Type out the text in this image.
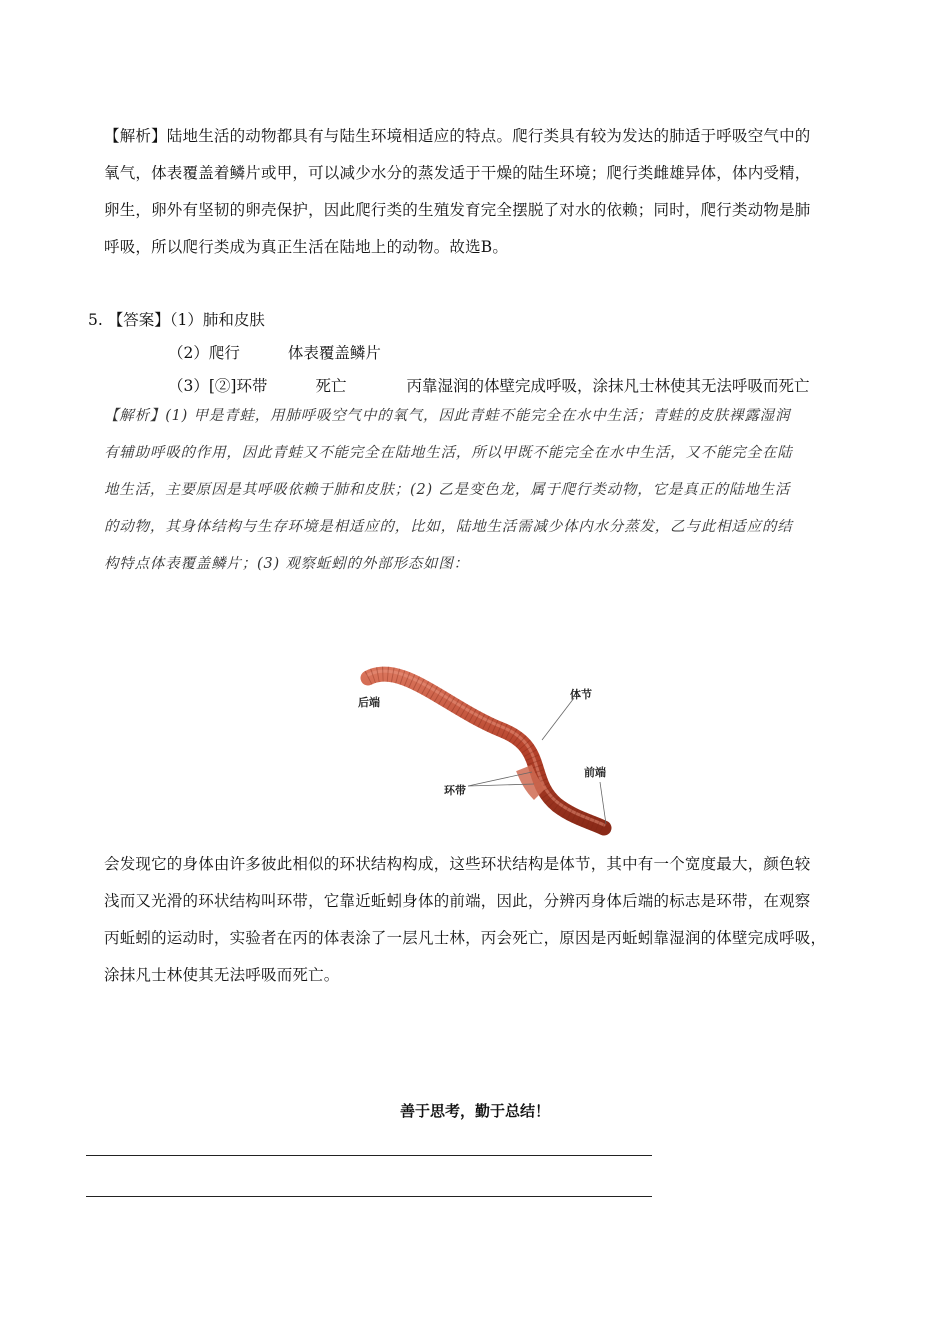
【解析】陆地生活的动物都具有与陆生环境相适应的特点。爬行类具有较为发达的肺适于呼吸空气中的
氧气，体表覆盖着鳞片或甲，可以减少水分的蒸发适于干燥的陆生环境；爬行类雌雄异体，体内受精，
卵生，卵外有坚韧的卵壳保护，因此爬行类的生殖发育完全摆脱了对水的依赖；同时，爬行类动物是肺
呼吸，所以爬行类成为真正生活在陆地上的动物。故选B。
5. 【答案】（1）肺和皮肤
（2）爬行	体表覆盖鳞片
（3）[②]环带	死亡	丙靠湿润的体壁完成呼吸，涂抹凡士林使其无法呼吸而死亡
【解析】(1) 甲是青蛙，用肺呼吸空气中的氧气，因此青蛙不能完全在水中生活；青蛙的皮肤裸露湿润
有辅助呼吸的作用，因此青蛙又不能完全在陆地生活，所以甲既不能完全在水中生活，又不能完全在陆
地生活，主要原因是其呼吸依赖于肺和皮肤；(2) 乙是变色龙，属于爬行类动物，它是真正的陆地生活
的动物，其身体结构与生存环境是相适应的，比如，陆地生活需减少体内水分蒸发，乙与此相适应的结
构特点体表覆盖鳞片；(3) 观察蚯蚓的外部形态如图：
后端
体节
前端
环带
会发现它的身体由许多彼此相似的环状结构构成，这些环状结构是体节，其中有一个宽度最大，颜色较
浅而又光滑的环状结构叫环带，它靠近蚯蚓身体的前端，因此，分辨丙身体后端的标志是环带，在观察
丙蚯蚓的运动时，实验者在丙的体表涂了一层凡士林，丙会死亡，原因是丙蚯蚓靠湿润的体壁完成呼吸，
涂抹凡士林使其无法呼吸而死亡。
善于思考，勤于总结！
